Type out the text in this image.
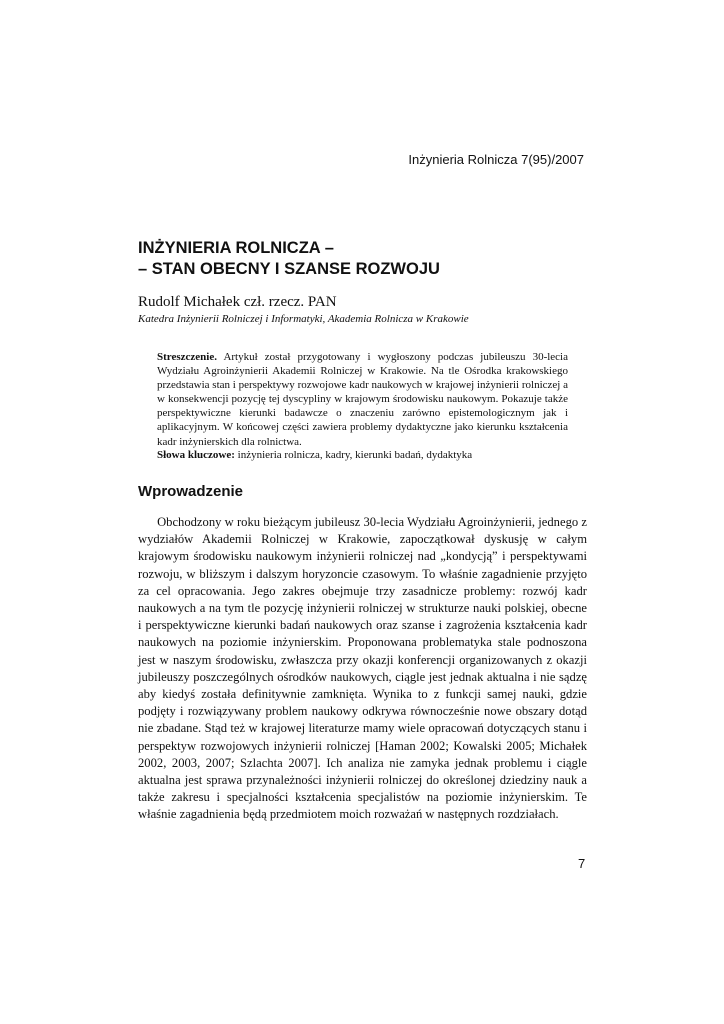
Inżynieria Rolnicza 7(95)/2007
INŻYNIERIA ROLNICZA –
– STAN OBECNY I SZANSE ROZWOJU
Rudolf Michałek czł. rzecz. PAN
Katedra Inżynierii Rolniczej i Informatyki, Akademia Rolnicza w Krakowie

Streszczenie. Artykuł został przygotowany i wygłoszony podczas jubileuszu 30-lecia Wydziału Agroinżynierii Akademii Rolniczej w Krakowie. Na tle Ośrodka krakowskiego przedstawia stan i perspektywy rozwojowe kadr naukowych w krajowej inżynierii rolniczej a w konsekwencji pozycję tej dyscypliny w krajowym środowisku naukowym. Pokazuje także perspektywiczne kierunki badawcze o znaczeniu zarówno epistemologicznym jak i aplikacyjnym. W końcowej części zawiera problemy dydaktyczne jako kierunku kształcenia kadr inżynierskich dla rolnictwa.

Słowa kluczowe: inżynieria rolnicza, kadry, kierunki badań, dydaktyka
Wprowadzenie

   Obchodzony w roku bieżącym jubileusz 30-lecia Wydziału Agroinżynierii, jednego z wydziałów Akademii Rolniczej w Krakowie, zapoczątkował dyskusję w całym krajowym środowisku naukowym inżynierii rolniczej nad „kondycją” i perspektywami rozwoju, w bliższym i dalszym horyzoncie czasowym. To właśnie zagadnienie przyjęto za cel opracowania. Jego zakres obejmuje trzy zasadnicze problemy: rozwój kadr naukowych a na tym tle pozycję inżynierii rolniczej w strukturze nauki polskiej, obecne i perspektywiczne kierunki badań naukowych oraz szanse i zagrożenia kształcenia kadr naukowych na poziomie inżynierskim. Proponowana problematyka stale podnoszona jest w naszym środowisku, zwłaszcza przy okazji konferencji organizowanych z okazji jubileuszy poszczególnych ośrodków naukowych, ciągle jest jednak aktualna i nie sądzę aby kiedyś została definitywnie zamknięta. Wynika to z funkcji samej nauki, gdzie podjęty i rozwiązywany problem naukowy odkrywa równocześnie nowe obszary dotąd nie zbadane. Stąd też w krajowej literaturze mamy wiele opracowań dotyczących stanu i perspektyw rozwojowych inżynierii rolniczej [Haman 2002; Kowalski 2005; Michałek 2002, 2003, 2007; Szlachta 2007]. Ich analiza nie zamyka jednak problemu i ciągle aktualna jest sprawa przynależności inżynierii rolniczej do określonej dziedziny nauk a także zakresu i specjalności kształcenia specjalistów na poziomie inżynierskim. Te właśnie zagadnienia będą przedmiotem moich rozważań w następnych rozdziałach.

7
